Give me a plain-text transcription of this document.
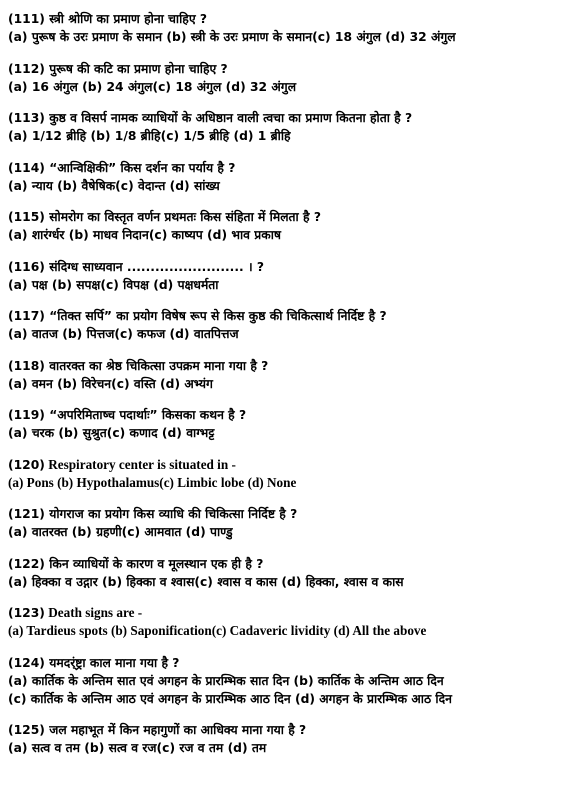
(111) स्त्री श्रोणि का प्रमाण होना चाहिए ?
(a) पुरूष के उरः प्रमाण के समान (b) स्त्री के उरः प्रमाण के समान(c) 18 अंगुल (d) 32 अंगुल
(112) पुरूष की कटि का प्रमाण होना चाहिए ?
(a) 16 अंगुल (b) 24 अंगुल(c) 18 अंगुल (d) 32 अंगुल
(113) कुष्ठ व विसर्प नामक व्याधियों के अधिष्ठान वाली त्वचा का प्रमाण कितना होता है ?
(a) 1/12 ब्रीहि (b) 1/8 ब्रीहि(c) 1/5 ब्रीहि (d) 1 ब्रीहि
(114) “आन्विक्षिकी” किस दर्शन का पर्याय है ?
(a) न्याय (b) वैषेषिक(c) वेदान्त (d) सांख्य
(115) सोमरोग का विस्तृत वर्णन प्रथमतः किस संहिता में मिलता है ?
(a) शारंर्ग्धर (b) माधव निदान(c) काष्यप (d) भाव प्रकाष
(116) संदिग्ध साध्यवान ......................... । ?
(a) पक्ष (b) सपक्ष(c) विपक्ष (d) पक्षधर्मता
(117) “तिक्त सर्पि” का प्रयोग विषेष रूप से किस कुष्ठ की चिकित्सार्थ निर्दिष्ट है ?
(a) वातज (b) पित्तज(c) कफज (d) वातपित्तज
(118) वातरक्त का श्रेष्ठ चिकित्सा उपक्रम माना गया है ?
(a) वमन (b) विरेचन(c) वस्ति (d) अभ्यंग
(119) “अपरिमिताष्च पदार्थाः” किसका कथन है ?
(a) चरक (b) सुश्रुत(c) कणाद (d) वाग्भट्ट
(120) Respiratory center is situated in -
(a) Pons (b) Hypothalamus(c) Limbic lobe (d) None
(121) योगराज का प्रयोग किस व्याधि की चिकित्सा निर्दिष्ट है ?
(a) वातरक्त (b) ग्रहणी(c) आमवात (d) पाण्डु
(122) किन व्याधियों के कारण व मूलस्थान एक ही है ?
(a) हिक्का व उद्गार (b) हिक्का व श्वास(c) श्वास व कास (d) हिक्का, श्वास व कास
(123) Death signs are -
(a) Tardieus spots (b) Saponification(c) Cadaveric lividity (d) All the above
(124) यमदर्ंष्ट्रा काल माना गया है ?
(a) कार्तिक के अन्तिम सात एवं अगहन के प्रारम्भिक सात दिन (b) कार्तिक के अन्तिम आठ दिन
(c) कार्तिक के अन्तिम आठ एवं अगहन के प्रारम्भिक आठ दिन (d) अगहन के प्रारम्भिक आठ दिन
(125) जल महाभूत में किन महागुणों का आधिक्य माना गया है ?
(a) सत्व व तम (b) सत्व व रज(c) रज व तम (d) तम
